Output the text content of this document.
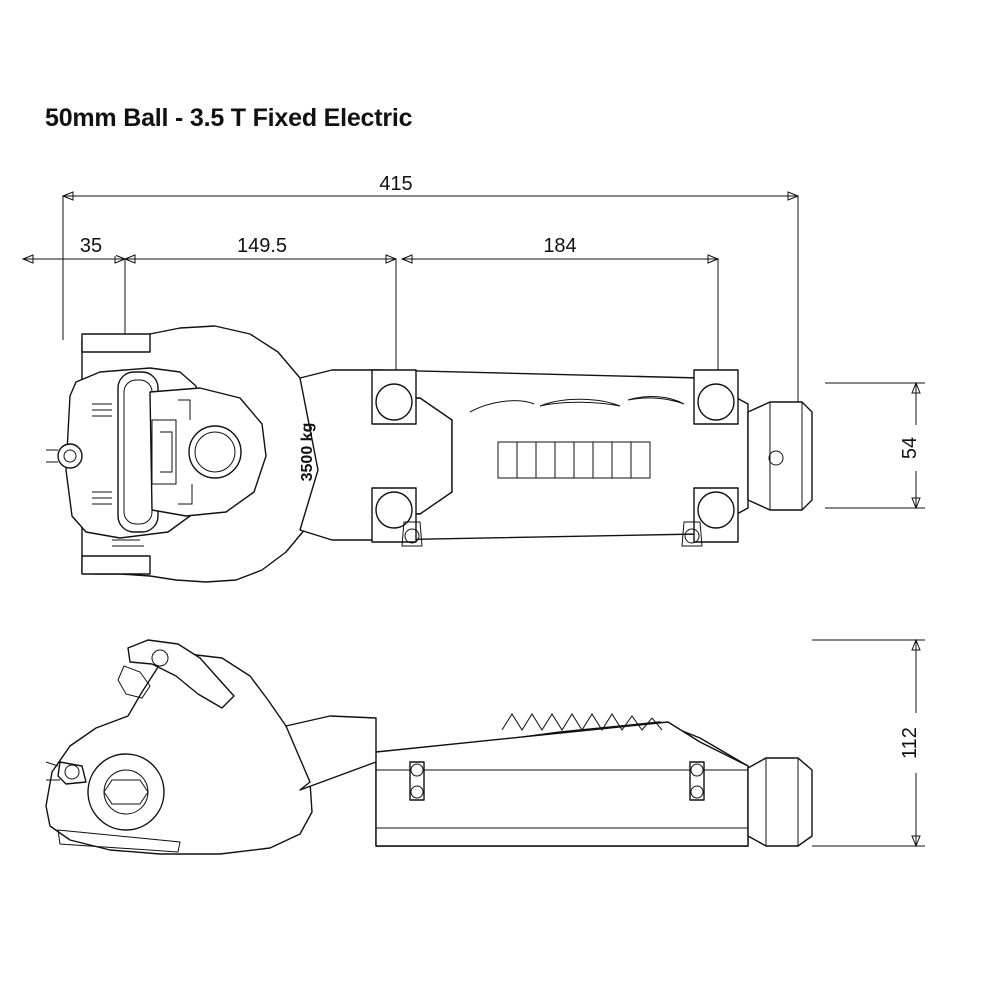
50mm Ball - 3.5 T Fixed Electric
415
35	149.5	184
54
3500 kg
112
